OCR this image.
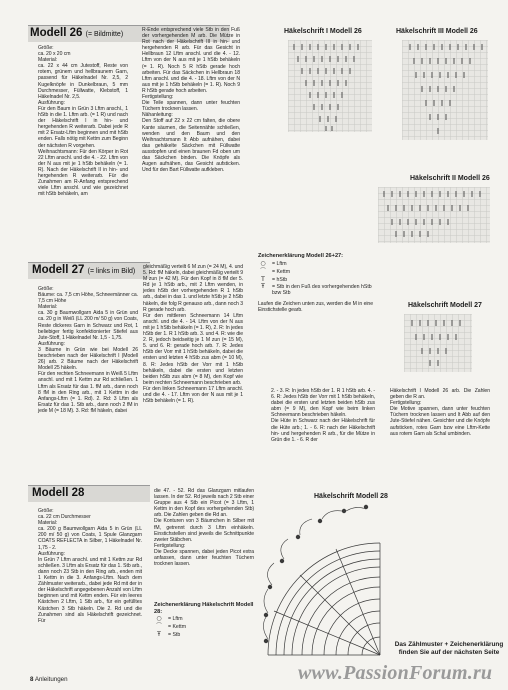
Modell 26 (= Bildmitte)
Größe:
ca. 20 x 20 cm
Material:
ca. 22 x 44 cm Jutestoff, Reste von rotem, grünem und hellbraunem Garn, passend für Häkelnadel Nr. 2,5, 2 Kugelknöpfe in Dunkelbraun, 5 mm Durchmesser, Füllwatte, Klebstoff, 1 Häkelnadel Nr. 2,5.
Ausführung:
Für den Baum in Grün 3 Lftm anschl., 1 hStb in die 1. Lftm arb. (= 1 R) und nach der Häkelschrift I in hin- und hergehenden R weiterarb. Dabei jede R mit 2 Ersatz-Lftm beginnen und mit hStb enden. Falls nötig mit Kettm zum Beginn der nächsten R vorgehen.
Weihnachtsmann: Für den Körper in Rot 22 Lftm anschl. und die 4. - 22. Lftm von der N aus mit je 1 hStb behäkeln (= 1. R). Nach der Häkelschrift II in hin- und hergehenden R weiterarb. Für die Zunahmen am R-Anfang entsprechend viele Lftm anschl. und wie gezeichnet mit hStb behäkeln, am
R-Ende entsprechend viele Stb in den Fuß der vorhergehenden M arb. Die Mütze in Rot nach der Häkelschrift III in hin- und hergehenden R arb. Für das Gesicht in Hellbraun 12 Lftm anschl. und die 4. - 12. Lftm von der N aus mit je 1 hStb behäkeln (= 1. R). Noch 5 R hStb gerade hoch arbeiten. Für das Säckchen in Hellbraun 18 Lftm anschl. und die 4. - 18. Lftm von der N aus mit je 1 hStb behäkeln (= 1. R). Noch 9 R hStb gerade hoch arbeiten.
Fertigstellung:
Die Teile spannen, dann unter feuchten Tüchern trocknen lassen.
Nähanleitung:
Den Stoff auf 22 x 22 cm falten, die obere Kante säumen, die Seitennähte schließen, wenden und den Baum und den Weihnachtsmann lt Abb aufnähen, dabei das gehäkelte Säckchen mit Füllwatte ausstopfen und einen braunen Fd oben um das Säckchen binden. Die Knöpfe als Augen aufnähen, das Gesicht aufsticken. Und für den Bart Füllwatte aufkleben.
Häkelschrift I Modell 26	Häkelschrift III Modell 26
Häkelschrift II Modell 26
Zeichenerklärung Modell 26+27:
○	= Lftm
⌒	= Kettm
T	= hStb
Ŧ	= Stb in den Fuß des vorhergehenden hStb bzw Stb
Laufen die Zeichen unten zus, werden die M in eine Einstichstelle gearb.
Modell 27 (= links im Bild)
Größe:
Bäume: ca. 7,5 cm Höhe, Schneemänner ca. 7,5 cm Höhe
Material:
ca. 30 g Baumwollgarn Aida 5 in Grün und ca. 20 g in Weiß (LL 200 m/ 50 g) von Coats, Reste dickeres Garn in Schwarz und Rot, 1 beliebiger fertig konfektionierter Stiefel aus Jute-Stoff, 1 Häkelnadel Nr. 1,5 - 1,75.
Ausführung:
3 Bäume in Grün wie bei Modell 26 beschrieben nach der Häkelschrift I (Modell 26) arb. 2 Bäume nach der Häkelschrift Modell 25 häkeln.
Für den rechten Schneemann in Weiß 5 Lftm anschl. und mit 1 Kettm zur Rd schließen. 1 Lftm als Ersatz für das 1. fM arb., dann noch 8 fM in den Ring arb., mit 1 Kettm in die Anfangs-Lftm (= 1. Rd). 2. Rd: 3 Lftm als Ersatz für das 1. Stb arb., dann noch 2 fM in jede M (= 18 M). 3. Rd: fM häkeln, dabei
gleichmäßig verteilt 6 M zun (= 24 M), 4. und 5. Rd: fM häkeln, dabei gleichmäßig verteilt 9 M zun (= 42 M). Für den Kopf in 8 fM der 5. Rd je 1 hStb arb., mit 2 Lftm wenden, in jedes hStb der vorhergehenden R 1 hStb arb., dabei in das 1. und letzte hStb je 2 hStb häkeln, die folg R genauso arb., dann noch 3 R gerade hoch arb.
Für den mittleren Schneemann 14 Lftm anschl. und die 4. - 14. Lftm von der N aus mit je 1 hStb behäkeln (= 1. R), 2. R: In jedes hStb der 1. R 1 hStb arb. 3. und 4. R: wie die 2. R, jedoch beidseitig je 1 M zun (= 15 M), 5. und 6. R: gerade hoch arb. 7. R: Jedes hStb der Vorr mit 1 hStb behäkeln, dabei die ersten und letzten 4 hStb zus abm (= 10 M), 8. R: Jedes hStb der Vorr mit 1 hStb behäkeln, dabei die ersten und letzten beiden hStb zus abm (= 8 M), den Kopf wie beim rechten Schneemann beschrieben arb.
Für den linken Schneemann 17 Lftm anschl. und die 4. - 17. Lftm von der N aus mit je 1 hStb behäkeln (= 1. R).
2. - 3. R: In jedes hStb der 1. R 1 hStb arb. 4. - 6. R: Jedes hStb der Vorr mit 1 hStb behäkeln, dabei die ersten und letzten beiden hStb zus abm (= 9 M), den Kopf wie beim linken Schneemann beschrieben häkeln.
Die Hüte in Schwarz nach der Häkelschrift für die Hüte arb.; 1. - 6. R: nach der Häkelschrift hin- und hergehenden R arb., für die Mütze in Grün die 1. - 6. R der
Häkelschrift I Modell 26 arb. Die Zahlen geben die R an.
Fertigstellung:
Die Motive spannen, dann unter feuchten Tüchern trocknen lassen und lt Abb auf den Jute-Stiefel nähen. Gesichter und die Knöpfe aufsticken, rotes Garn bzw eine Lftm-Kette aus rotem Garn als Schal umbinden.
Häkelschrift Modell 27
Modell 28
Größe:
ca. 22 cm Durchmesser
Material:
ca. 200 g Baumwollgarn Aida 5 in Grün (LL 200 m/ 50 g) von Coats, 1 Spule Glanzgarn COATS REFLECTA in Silber, 1 Häkelnadel Nr. 1,75 - 2.
Ausführung:
In Grün 7 Lftm anschl. und mit 1 Kettm zur Rd schließen. 3 Lftm als Ersatz für das 1. Stb arb., dann noch 23 Stb in den Ring arb., enden mit 1 Kettm in die 3. Anfangs-Lftm. Nach dem Zählmuster weiterarb., dabei jede Rd mit der in der Häkelschrift angegebenen Anzahl von Lftm beginnen und mit Kettm enden. Für ein leeres Kästchen 2 Lftm, 1 Stb arb., für ein gefülltes Kästchen 3 Stb häkeln. Die 2. Rd und die Zunahmen sind als Häkelschrift gezeichnet. Für
die 47. - 52. Rd das Glanzgarn mitlaufen lassen. In der 52. Rd jeweils nach 2 Stb einer Gruppe aus 4 Stb ein Picot (= 3 Lftm, 1 Kettm in den Kopf des vorhergehenden Stb) arb. Die Zahlen geben die Rd an.
Die Konturen von 3 Bäumchen in Silber mit fM, getrennt durch 3 Lftm einhäkeln. Einstichstellen sind jeweils die Schnittpunkte zweier Stäbchen.
Fertigstellung:
Die Decke spannen, dabei jeden Picot extra anfassen, dann unter feuchten Tüchern trocknen lassen.
Zeichenerklärung Häkelschrift Modell 28:
○	= Lftm
⌒	= Kettm
Ŧ	= Stb
Häkelschrift Modell 28
Das Zählmuster + Zeichenerklärung finden Sie auf der nächsten Seite
8 Anleitungen	www.PassionForum.ru
